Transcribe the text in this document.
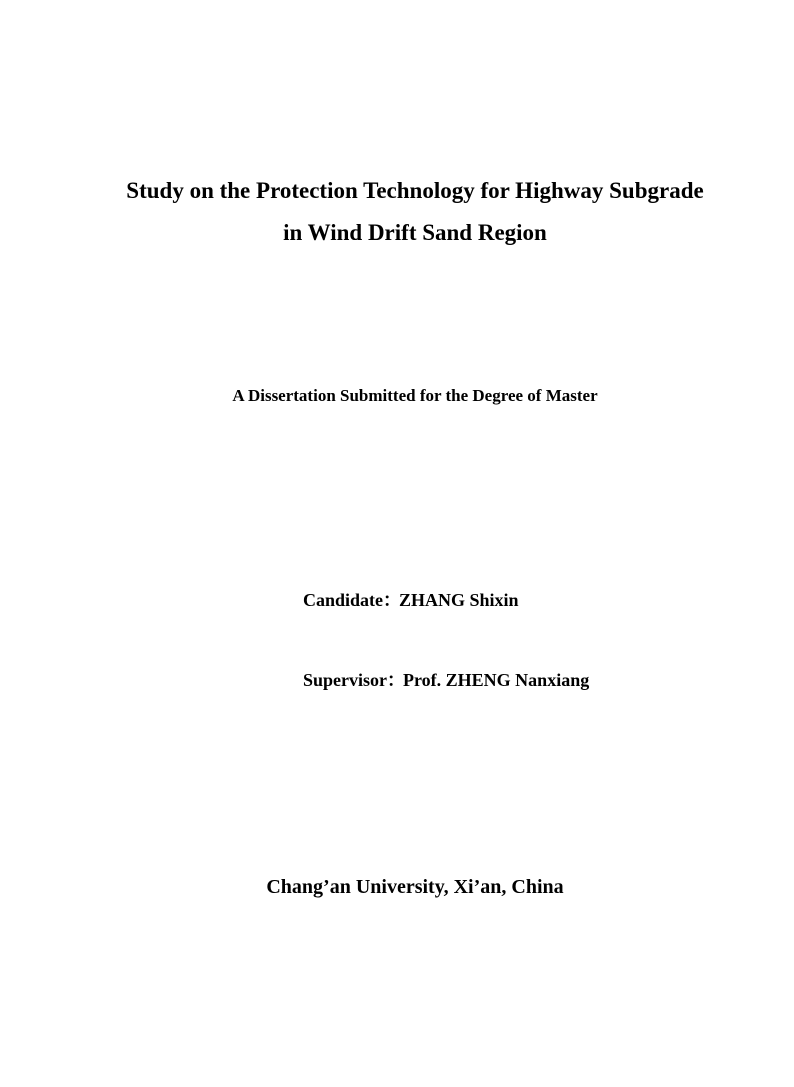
Study on the Protection Technology for Highway Subgrade
in Wind Drift Sand Region

A Dissertation Submitted for the Degree of Master

Candidate：ZHANG Shixin
Supervisor：Prof. ZHENG Nanxiang

Chang’an University, Xi’an, China
